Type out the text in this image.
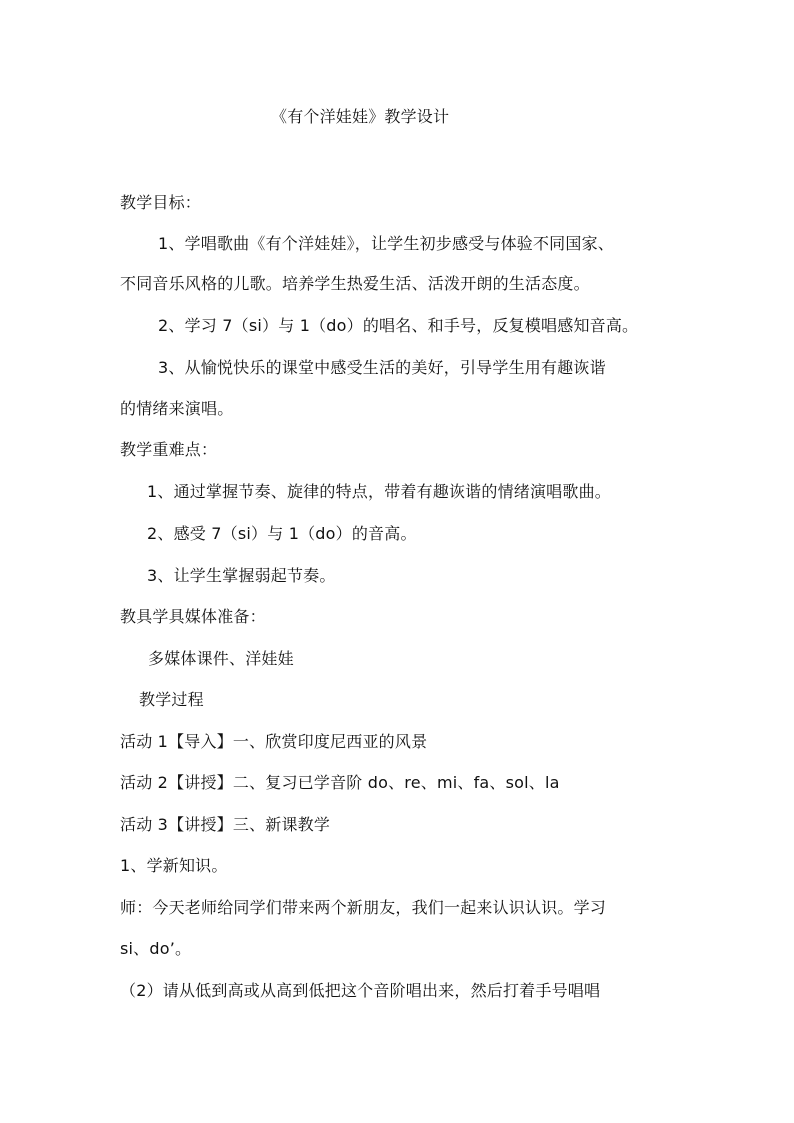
《有个洋娃娃》教学设计
教学目标：
1、学唱歌曲《有个洋娃娃》，让学生初步感受与体验不同国家、
不同音乐风格的儿歌。培养学生热爱生活、活泼开朗的生活态度。
2、学习 7（si）与 1（do）的唱名、和手号，反复模唱感知音高。
3、从愉悦快乐的课堂中感受生活的美好，引导学生用有趣诙谐
的情绪来演唱。
教学重难点：
1、通过掌握节奏、旋律的特点，带着有趣诙谐的情绪演唱歌曲。
2、感受 7（si）与 1（do）的音高。
3、让学生掌握弱起节奏。
教具学具媒体准备：
多媒体课件、洋娃娃
教学过程
活动 1【导入】一、欣赏印度尼西亚的风景
活动 2【讲授】二、复习已学音阶 do、re、mi、fa、sol、la
活动 3【讲授】三、新课教学
1、学新知识。
师：今天老师给同学们带来两个新朋友，我们一起来认识认识。学习
si、do’。
（2）请从低到高或从高到低把这个音阶唱出来，然后打着手号唱唱
